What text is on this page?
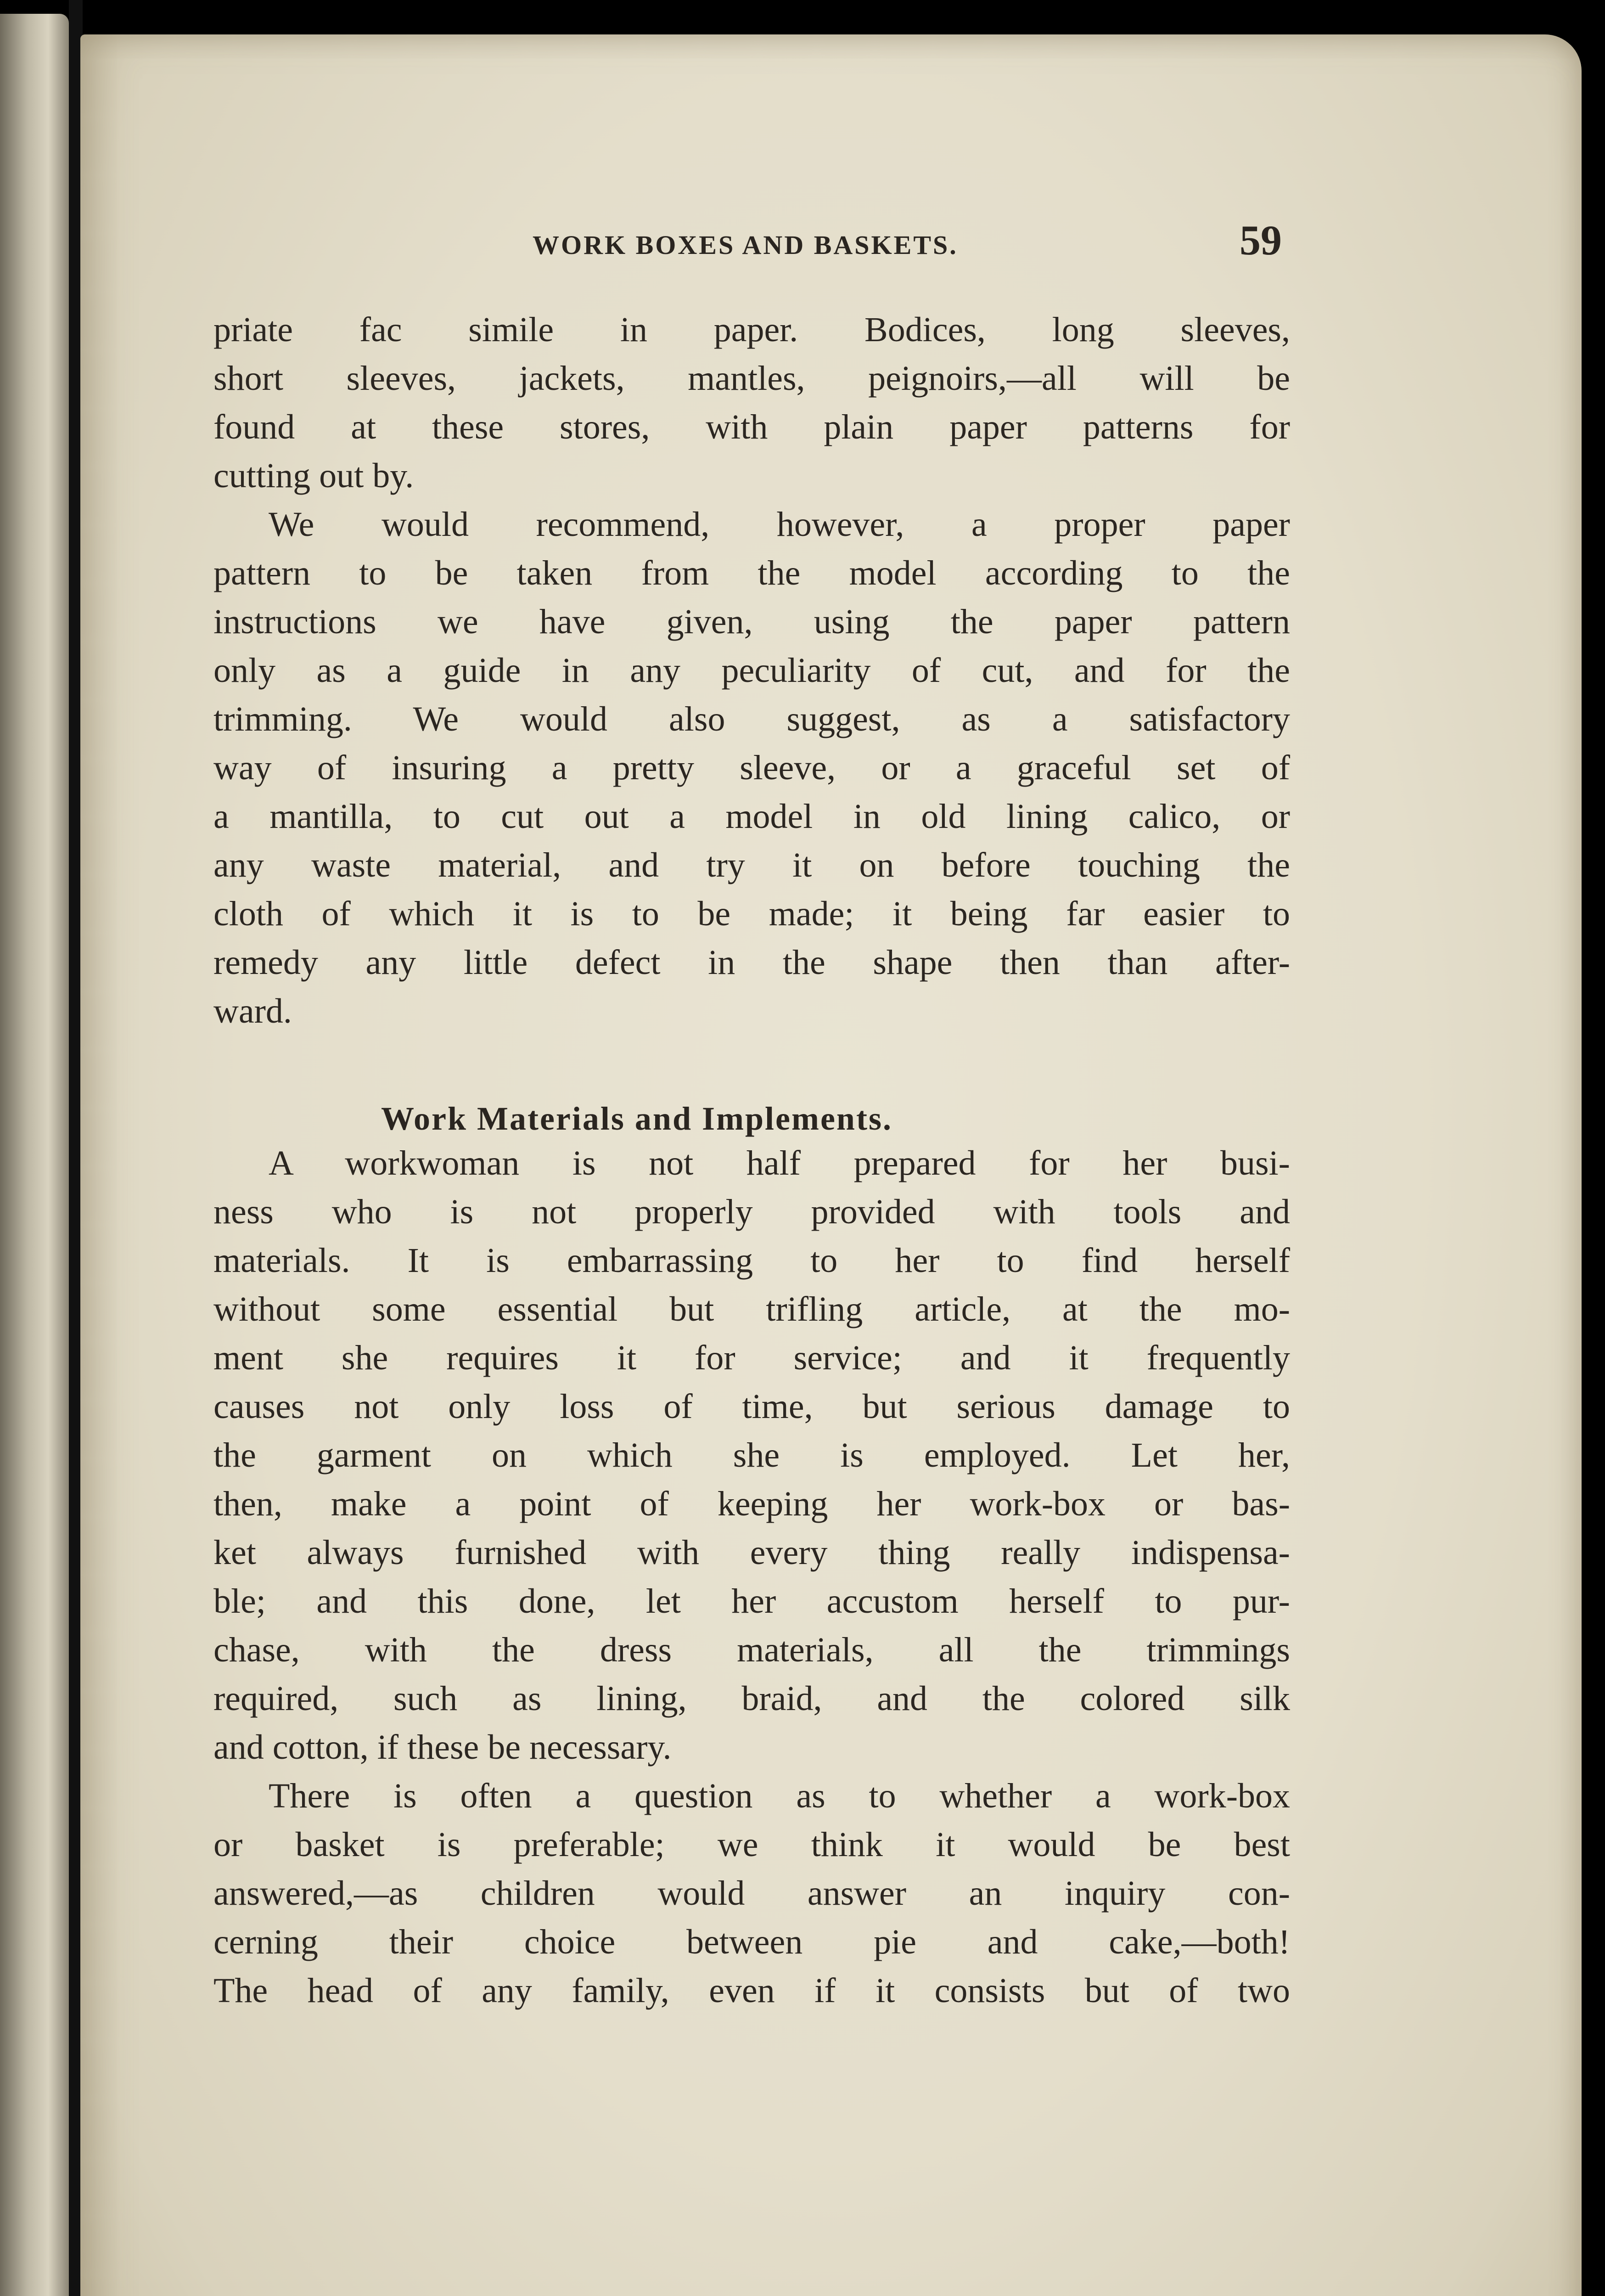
WORK BOXES AND BASKETS.	59
priate fac simile in paper. Bodices, long sleeves,
short sleeves, jackets, mantles, peignoirs,—all will be
found at these stores, with plain paper patterns for
cutting out by.
We would recommend, however, a proper paper
pattern to be taken from the model according to the
instructions we have given, using the paper pattern
only as a guide in any peculiarity of cut, and for the
trimming. We would also suggest, as a satisfactory
way of insuring a pretty sleeve, or a graceful set of
a mantilla, to cut out a model in old lining calico, or
any waste material, and try it on before touching the
cloth of which it is to be made; it being far easier to
remedy any little defect in the shape then than after-
ward.
Work Materials and Implements.
A workwoman is not half prepared for her busi-
ness who is not properly provided with tools and
materials. It is embarrassing to her to find herself
without some essential but trifling article, at the mo-
ment she requires it for service; and it frequently
causes not only loss of time, but serious damage to
the garment on which she is employed. Let her,
then, make a point of keeping her work-box or bas-
ket always furnished with every thing really indispensa-
ble; and this done, let her accustom herself to pur-
chase, with the dress materials, all the trimmings
required, such as lining, braid, and the colored silk
and cotton, if these be necessary.
There is often a question as to whether a work-box
or basket is preferable; we think it would be best
answered,—as children would answer an inquiry con-
cerning their choice between pie and cake,—both!
The head of any family, even if it consists but of two
